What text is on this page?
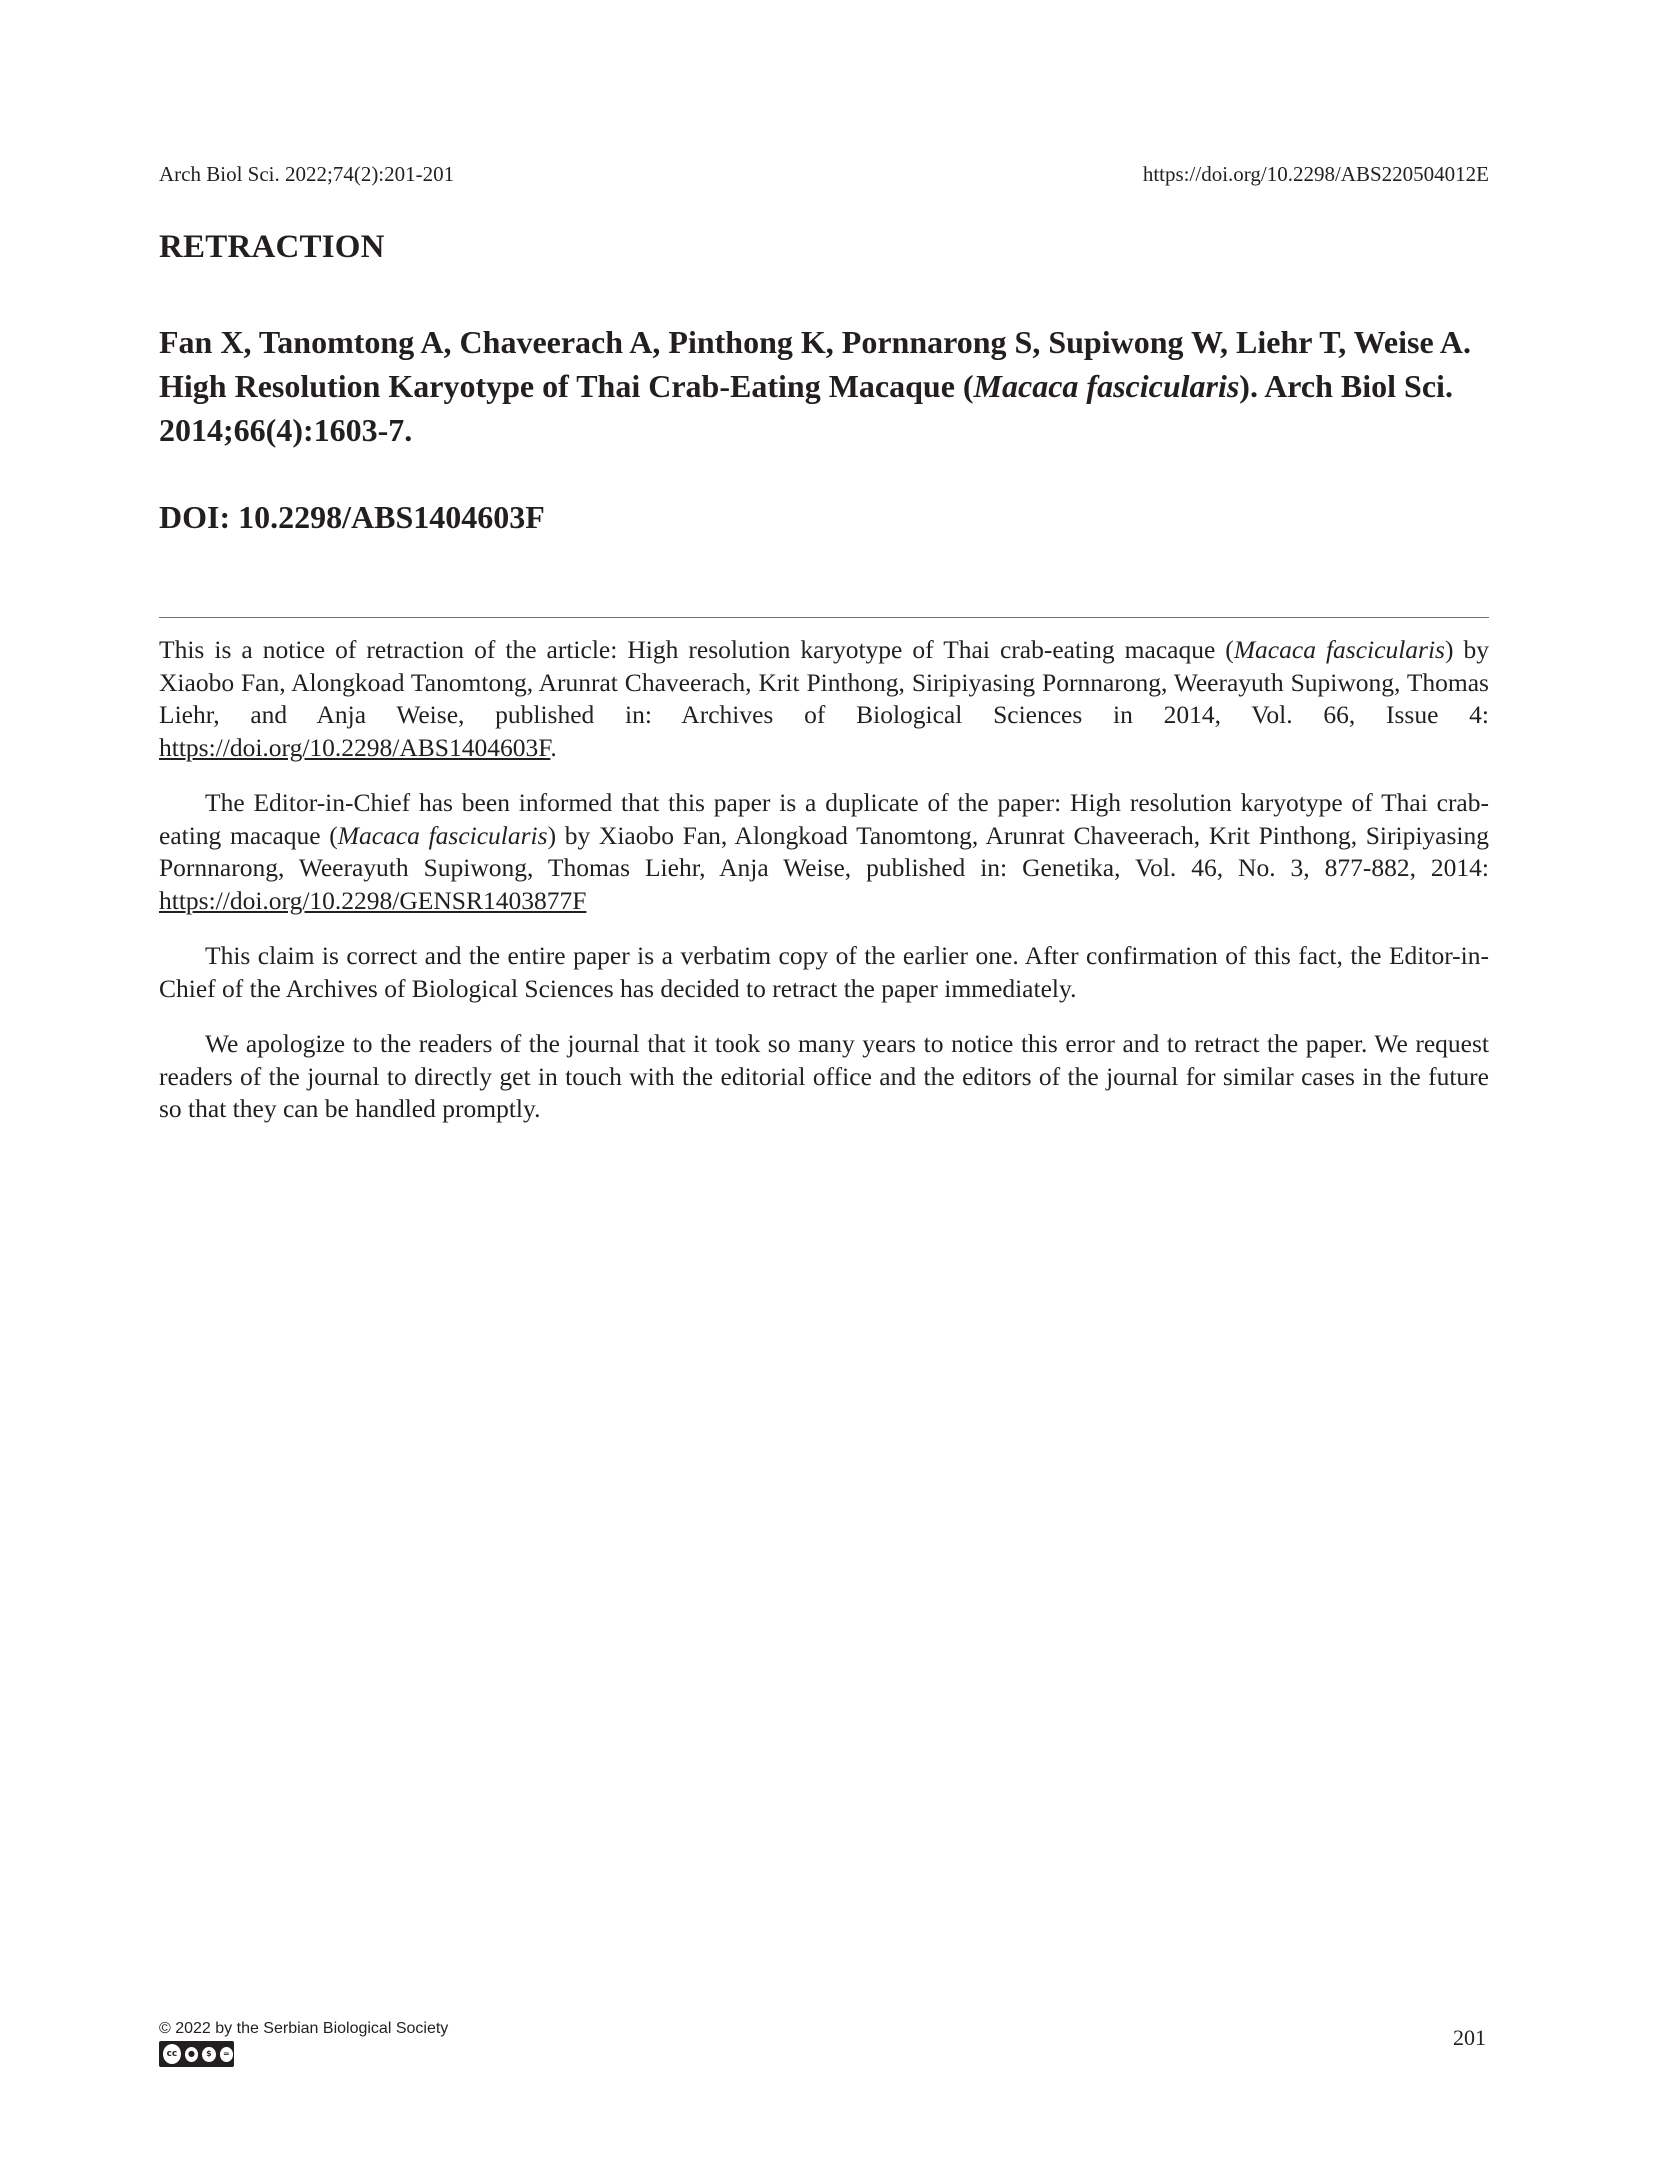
Arch Biol Sci. 2022;74(2):201-201	https://doi.org/10.2298/ABS220504012E
RETRACTION
Fan X, Tanomtong A, Chaveerach A, Pinthong K, Pornnarong S, Supiwong W, Liehr T, Weise A. High Resolution Karyotype of Thai Crab-Eating Macaque (Macaca fascicularis). Arch Biol Sci. 2014;66(4):1603-7.
DOI: 10.2298/ABS1404603F

This is a notice of retraction of the article: High resolution karyotype of Thai crab-eating macaque (Macaca fascicularis) by Xiaobo Fan, Alongkoad Tanomtong, Arunrat Chaveerach, Krit Pinthong, Siripiyasing Pornnarong, Weerayuth Supiwong, Thomas Liehr, and Anja Weise, published in: Archives of Biological Sciences in 2014, Vol. 66, Issue 4: https://doi.org/10.2298/ABS1404603F.

The Editor-in-Chief has been informed that this paper is a duplicate of the paper: High resolution karyotype of Thai crab-eating macaque (Macaca fascicularis) by Xiaobo Fan, Alongkoad Tanomtong, Arunrat Chaveerach, Krit Pinthong, Siripiyasing Pornnarong, Weerayuth Supiwong, Thomas Liehr, Anja Weise, published in: Genetika, Vol. 46, No. 3, 877-882, 2014: https://doi.org/10.2298/GENSR1403877F

This claim is correct and the entire paper is a verbatim copy of the earlier one. After confirmation of this fact, the Editor-in-Chief of the Archives of Biological Sciences has decided to retract the paper immediately.

We apologize to the readers of the journal that it took so many years to notice this error and to retract the paper. We request readers of the journal to directly get in touch with the editorial office and the editors of the journal for similar cases in the future so that they can be handled promptly.

© 2022 by the Serbian Biological Society
cc	●	$	=
201
